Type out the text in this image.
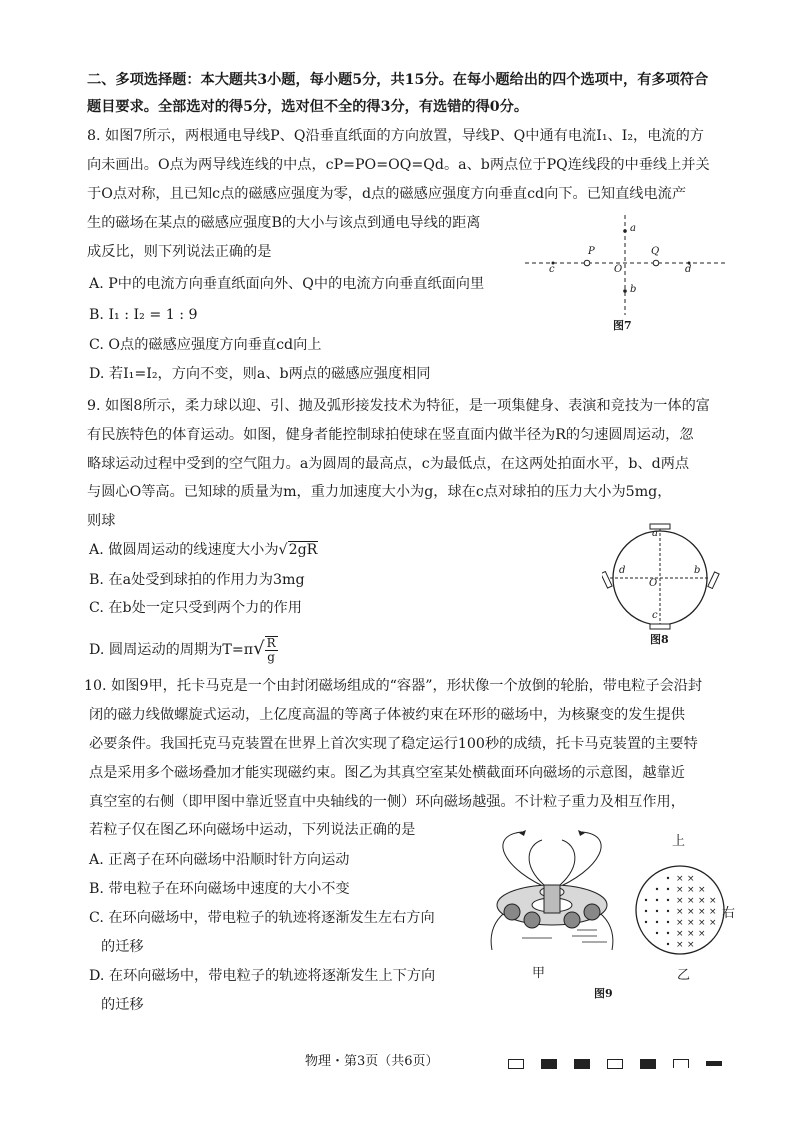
二、多项选择题：本大题共3小题，每小题5分，共15分。在每小题给出的四个选项中，有多项符合
题目要求。全部选对的得5分，选对但不全的得3分，有选错的得0分。
8. 如图7所示，两根通电导线P、Q沿垂直纸面的方向放置，导线P、Q中通有电流I₁、I₂，电流的方
向未画出。O点为两导线连线的中点，cP=PO=OQ=Qd。a、b两点位于PQ连线段的中垂线上并关
于O点对称，且已知c点的磁感应强度为零，d点的磁感应强度方向垂直cd向下。已知直线电流产
生的磁场在某点的磁感应强度B的大小与该点到通电导线的距离
成反比，则下列说法正确的是
A. P中的电流方向垂直纸面向外、Q中的电流方向垂直纸面向里
B. I₁ : I₂ = 1 : 9
C. O点的磁感应强度方向垂直cd向上
D. 若I₁=I₂，方向不变，则a、b两点的磁感应强度相同
a
b
c	d
P	Q
O
图7
9. 如图8所示，柔力球以迎、引、抛及弧形接发技术为特征，是一项集健身、表演和竞技为一体的富
有民族特色的体育运动。如图，健身者能控制球拍使球在竖直面内做半径为R的匀速圆周运动，忽
略球运动过程中受到的空气阻力。a为圆周的最高点，c为最低点，在这两处拍面水平，b、d两点
与圆心O等高。已知球的质量为m，重力加速度大小为g，球在c点对球拍的压力大小为5mg，
则球
A. 做圆周运动的线速度大小为√2gR
B. 在a处受到球拍的作用力为3mg
C. 在b处一定只受到两个力的作用
D. 圆周运动的周期为$T=\pi√ \frac{R}{g}$
a
c
d	b
O
图8
10. 如图9甲，托卡马克是一个由封闭磁场组成的“容器”，形状像一个放倒的轮胎，带电粒子会沿封
闭的磁力线做螺旋式运动，上亿度高温的等离子体被约束在环形的磁场中，为核聚变的发生提供
必要条件。我国托克马克装置在世界上首次实现了稳定运行100秒的成绩，托卡马克装置的主要特
点是采用多个磁场叠加才能实现磁约束。图乙为其真空室某处横截面环向磁场的示意图，越靠近
真空室的右侧（即甲图中靠近竖直中央轴线的一侧）环向磁场越强。不计粒子重力及相互作用，
若粒子仅在图乙环向磁场中运动，下列说法正确的是
A. 正离子在环向磁场中沿顺时针方向运动
B. 带电粒子在环向磁场中速度的大小不变
C. 在环向磁场中，带电粒子的轨迹将逐渐发生左右方向
的迁移
D. 在环向磁场中，带电粒子的轨迹将逐渐发生上下方向
的迁移
甲
× ×
× × ×
× × × ×
× × × ×
× × × ×
× × ×
× ×
上
右
乙
图9
物理・第3页（共6页）
